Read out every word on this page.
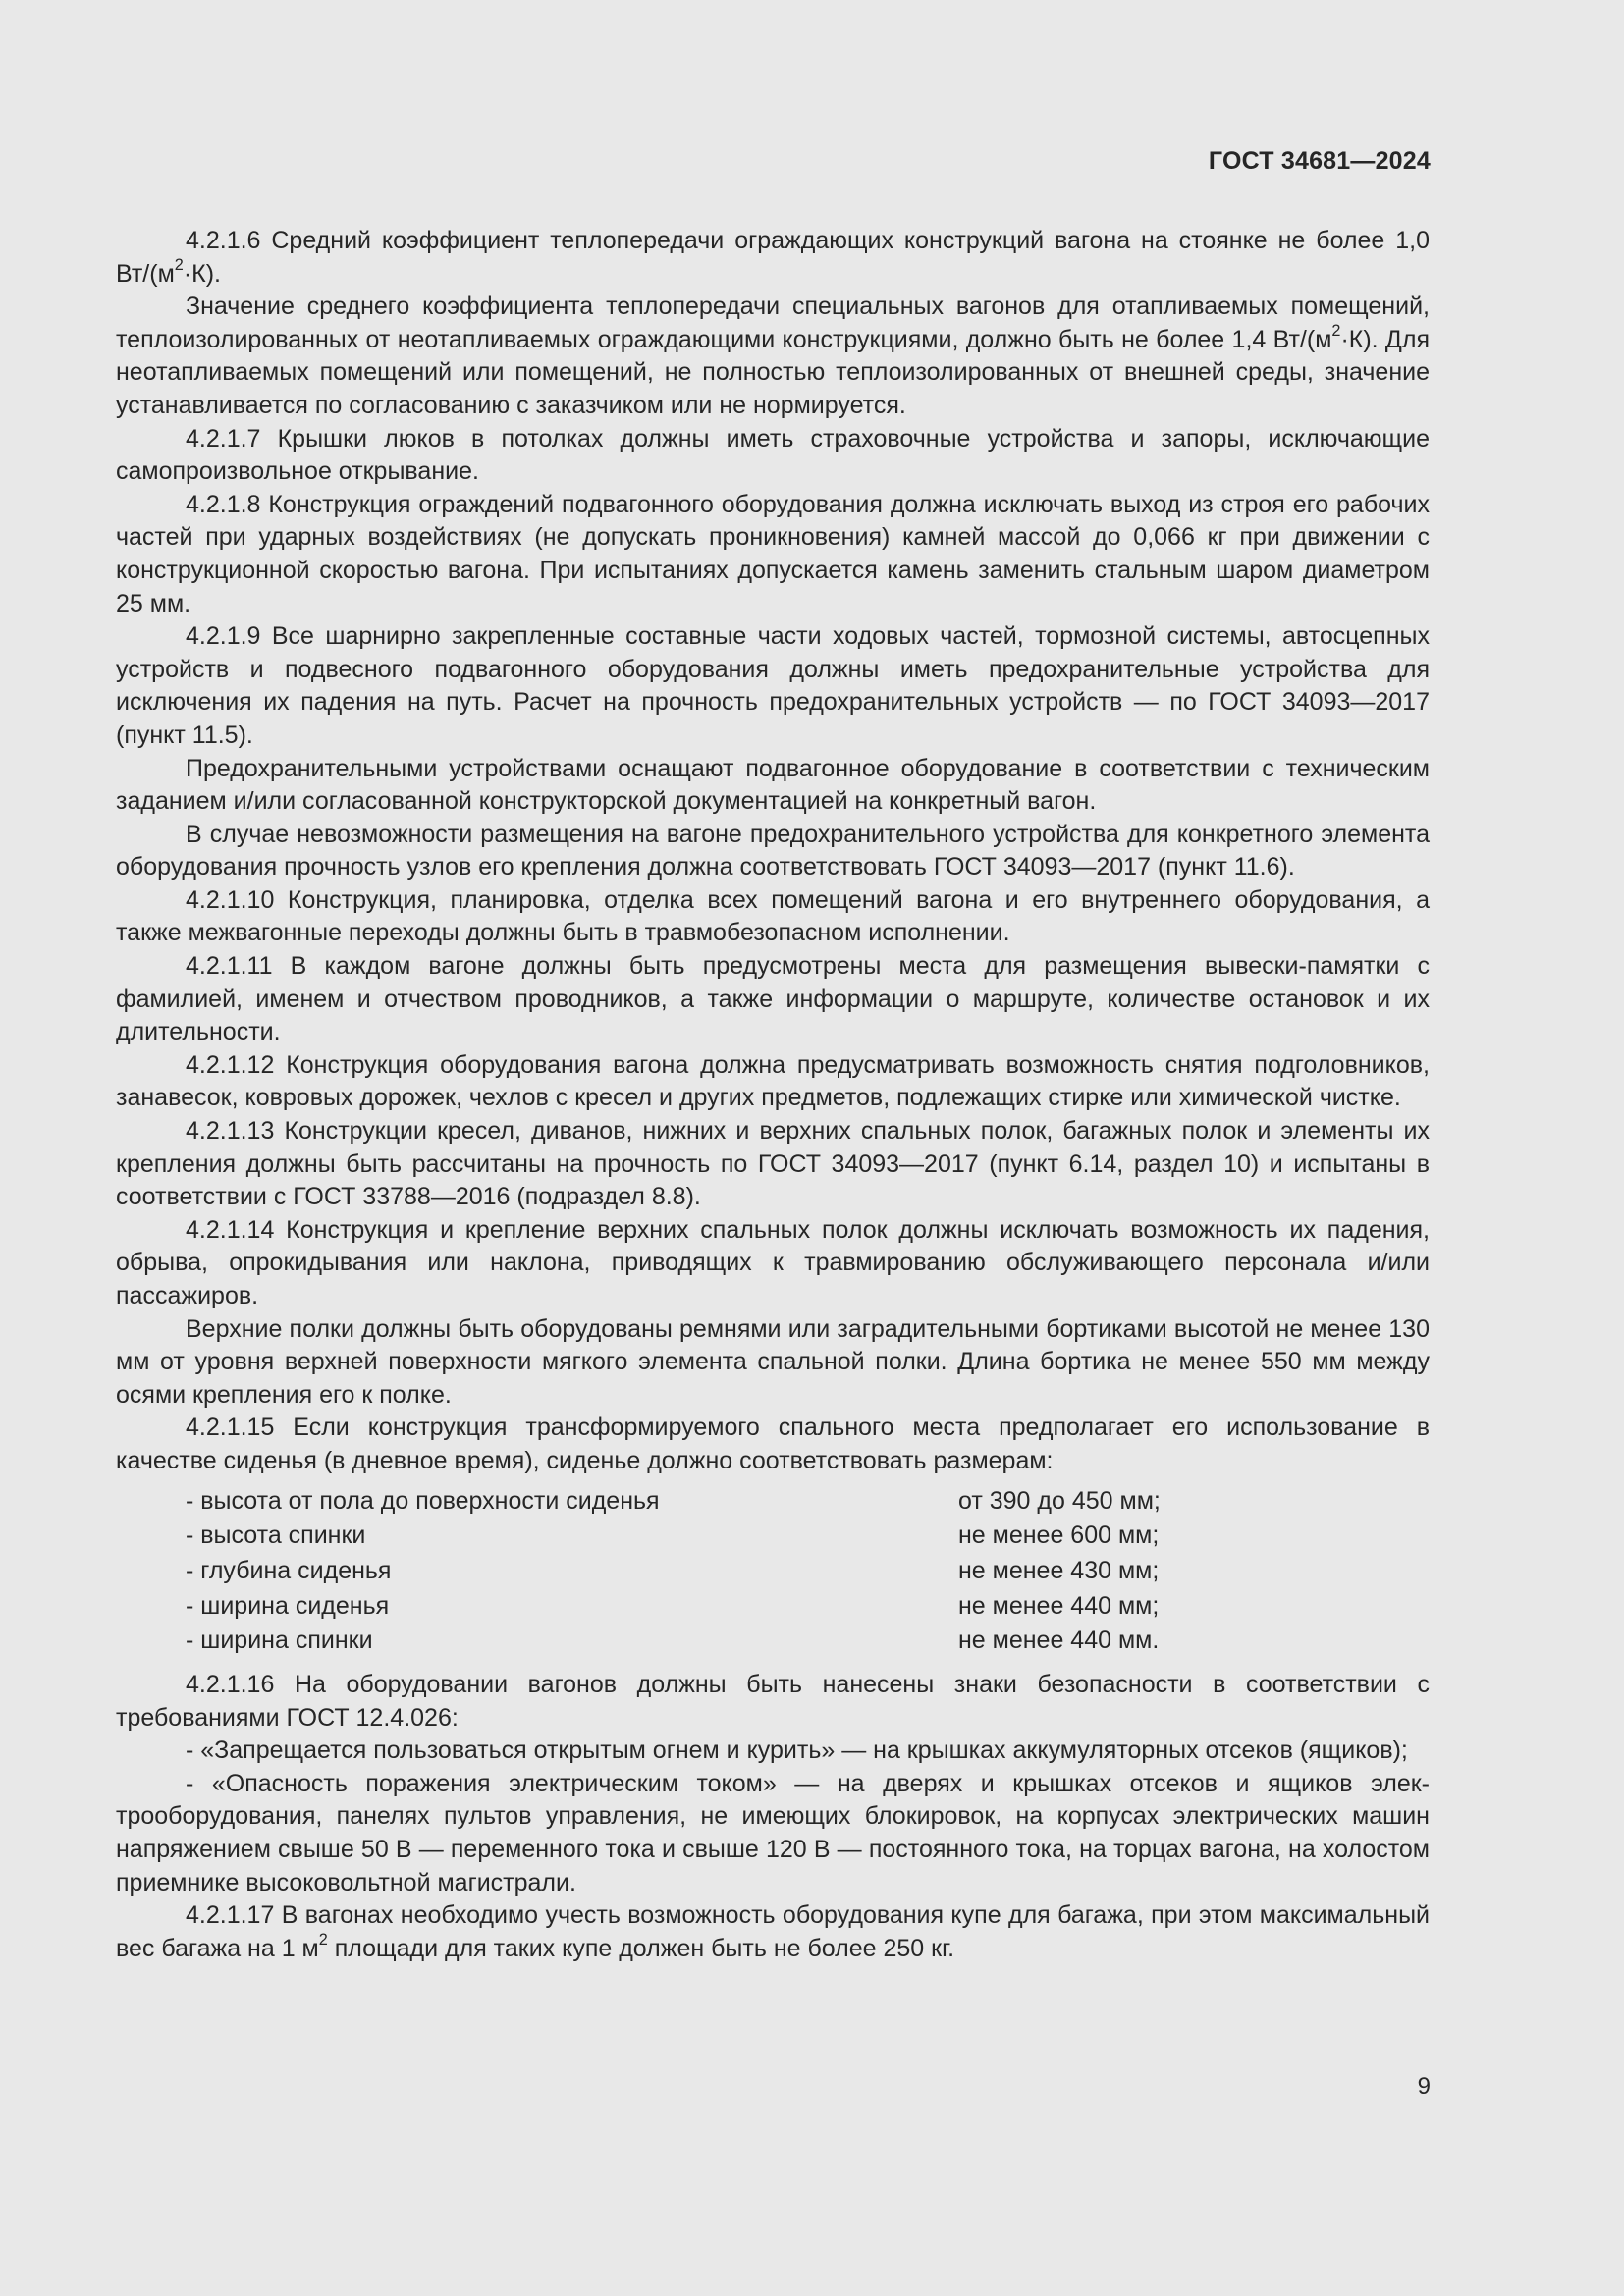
ГОСТ 34681—2024

4.2.1.6 Средний коэффициент теплопередачи ограждающих конструкций вагона на стоянке не более 1,0 $Вт/(м^2\cdot К)$.

Значение среднего коэффициента теплопередачи специальных вагонов для отапливаемых помещений, теплоизолированных от неотапливаемых ограждающими конструкциями, должно быть не более 1,4 $Вт/(м^2\cdot К)$. Для неотапливаемых помещений или помещений, не полностью теплоизолированных от внешней среды, значение устанавливается по согласованию с заказчиком или не нормируется.

4.2.1.7 Крышки люков в потолках должны иметь страховочные устройства и запоры, исключающие самопроизвольное открывание.

4.2.1.8 Конструкция ограждений подвагонного оборудования должна исключать выход из строя его рабочих частей при ударных воздействиях (не допускать проникновения) камней массой до 0,066 кг при движении с конструкционной скоростью вагона. При испытаниях допускается камень заменить стальным шаром диаметром 25 мм.

4.2.1.9 Все шарнирно закрепленные составные части ходовых частей, тормозной системы, автосцепных устройств и подвесного подвагонного оборудования должны иметь предохранительные устройства для исключения их падения на путь. Расчет на прочность предохранительных устройств — по ГОСТ 34093—2017 (пункт 11.5).

Предохранительными устройствами оснащают подвагонное оборудование в соответствии с техническим заданием и/или согласованной конструкторской документацией на конкретный вагон.

В случае невозможности размещения на вагоне предохранительного устройства для конкретного элемента оборудования прочность узлов его крепления должна соответствовать ГОСТ 34093—2017 (пункт 11.6).

4.2.1.10 Конструкция, планировка, отделка всех помещений вагона и его внутреннего оборудования, а также межвагонные переходы должны быть в травмобезопасном исполнении.

4.2.1.11 В каждом вагоне должны быть предусмотрены места для размещения вывески-памятки с фамилией, именем и отчеством проводников, а также информации о маршруте, количестве остановок и их длительности.

4.2.1.12 Конструкция оборудования вагона должна предусматривать возможность снятия подголовников, занавесок, ковровых дорожек, чехлов с кресел и других предметов, подлежащих стирке или химической чистке.

4.2.1.13 Конструкции кресел, диванов, нижних и верхних спальных полок, багажных полок и элементы их крепления должны быть рассчитаны на прочность по ГОСТ 34093—2017 (пункт 6.14, раздел 10) и испытаны в соответствии с ГОСТ 33788—2016 (подраздел 8.8).

4.2.1.14 Конструкция и крепление верхних спальных полок должны исключать возможность их падения, обрыва, опрокидывания или наклона, приводящих к травмированию обслуживающего персонала и/или пассажиров.

Верхние полки должны быть оборудованы ремнями или заградительными бортиками высотой не менее 130 мм от уровня верхней поверхности мягкого элемента спальной полки. Длина бортика не менее 550 мм между осями крепления его к полке.

4.2.1.15 Если конструкция трансформируемого спального места предполагает его использование в качестве сиденья (в дневное время), сиденье должно соответствовать размерам:

- высота от пола до поверхности сиденья	от 390 до 450 мм;
- высота спинки	не менее 600 мм;
- глубина сиденья	не менее 430 мм;
- ширина сиденья	не менее 440 мм;
- ширина спинки	не менее 440 мм.

4.2.1.16 На оборудовании вагонов должны быть нанесены знаки безопасности в соответствии с требованиями ГОСТ 12.4.026:

- «Запрещается пользоваться открытым огнем и курить» — на крышках аккумуляторных отсеков (ящиков);

- «Опасность поражения электрическим током» — на дверях и крышках отсеков и ящиков электрооборудования, панелях пультов управления, не имеющих блокировок, на корпусах электрических машин напряжением свыше 50 В — переменного тока и свыше 120 В — постоянного тока, на торцах вагона, на холостом приемнике высоковольтной магистрали.

4.2.1.17 В вагонах необходимо учесть возможность оборудования купе для багажа, при этом максимальный вес багажа на 1 $м^2$ площади для таких купе должен быть не более 250 кг.

9
